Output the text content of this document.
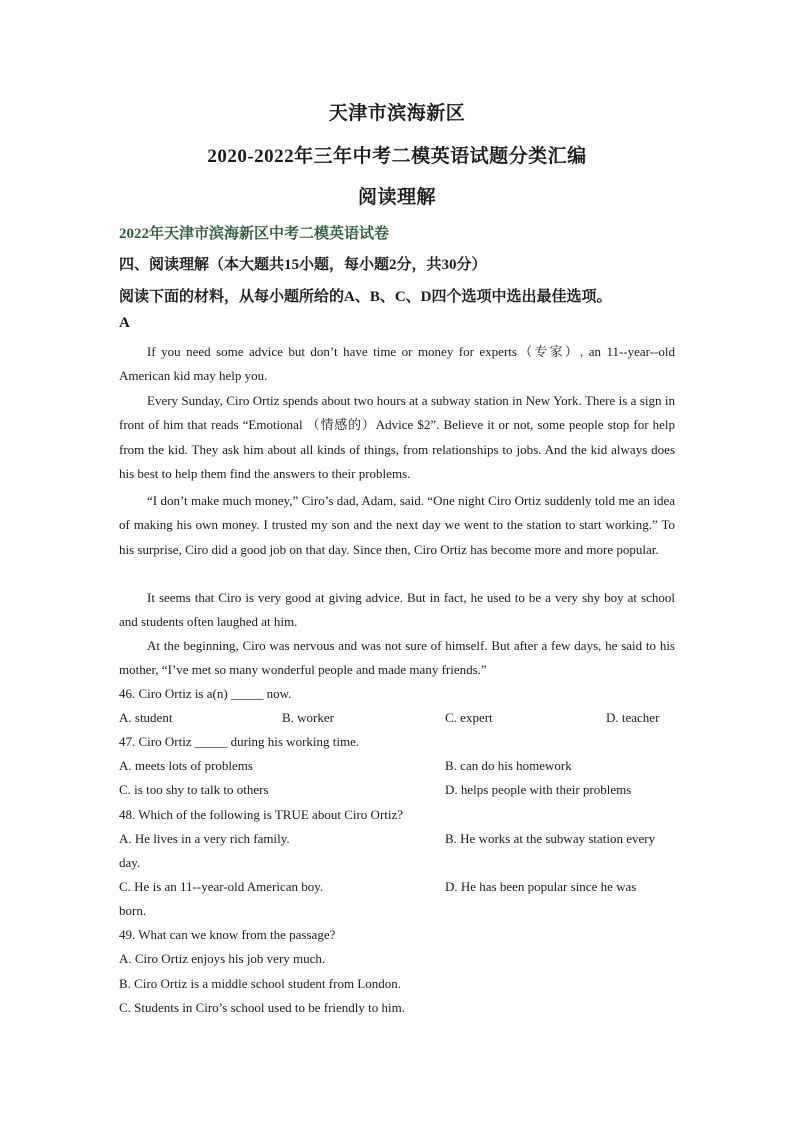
天津市滨海新区
2020-2022年三年中考二模英语试题分类汇编
阅读理解

2022年天津市滨海新区中考二模英语试卷

四、阅读理解（本大题共15小题，每小题2分，共30分）

阅读下面的材料，从每小题所给的A、B、C、D四个选项中选出最佳选项。

A

If you need some advice but don’t have time or money for experts（专家）, an 11--year--old American kid may help you.

Every Sunday, Ciro Ortiz spends about two hours at a subway station in New York. There is a sign in front of him that reads “Emotional （情感的）Advice $2”. Believe it or not, some people stop for help from the kid. They ask him about all kinds of things, from relationships to jobs. And the kid always does his best to help them find the answers to their problems.

“I don’t make much money,” Ciro’s dad, Adam, said. “One night Ciro Ortiz suddenly told me an idea of making his own money. I trusted my son and the next day we went to the station to start working.” To his surprise, Ciro did a good job on that day. Since then, Ciro Ortiz has become more and more popular.

It seems that Ciro is very good at giving advice. But in fact, he used to be a very shy boy at school and students often laughed at him.

At the beginning, Ciro was nervous and was not sure of himself. But after a few days, he said to his mother, “I’ve met so many wonderful people and made many friends.”

46. Ciro Ortiz is a(n) _____ now.

A. student	B. worker	C. expert	D. teacher

47. Ciro Ortiz _____ during his working time.

A. meets lots of problems	B. can do his homework

C. is too shy to talk to others	D. helps people with their problems

48. Which of the following is TRUE about Ciro Ortiz?

A. He lives in a very rich family.	B. He works at the subway station every day.

C. He is an 11--year-old American boy.	D. He has been popular since he was born.

49. What can we know from the passage?

A. Ciro Ortiz enjoys his job very much.

B. Ciro Ortiz is a middle school student from London.

C. Students in Ciro’s school used to be friendly to him.
